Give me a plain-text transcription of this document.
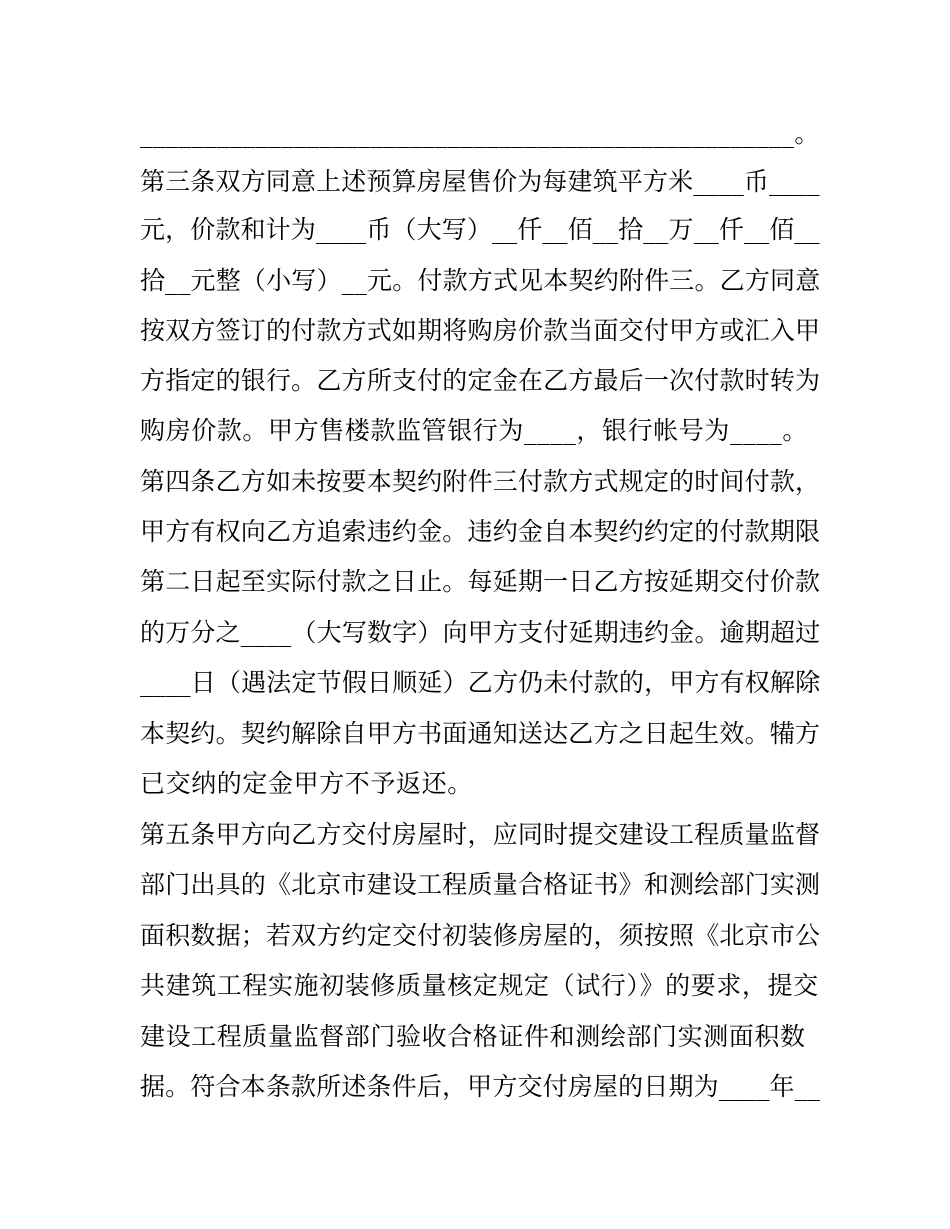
___________________________________________________。
第三条双方同意上述预算房屋售价为每建筑平方米____币____
元，价款和计为____币（大写）__仟__佰__拾__万__仟__佰__
拾__元整（小写）__元。付款方式见本契约附件三。乙方同意
按双方签订的付款方式如期将购房价款当面交付甲方或汇入甲
方指定的银行。乙方所支付的定金在乙方最后一次付款时转为
购房价款。甲方售楼款监管银行为____，银行帐号为____。
第四条乙方如未按要本契约附件三付款方式规定的时间付款，
甲方有权向乙方追索违约金。违约金自本契约约定的付款期限
第二日起至实际付款之日止。每延期一日乙方按延期交付价款
的万分之____（大写数字）向甲方支付延期违约金。逾期超过
____日（遇法定节假日顺延）乙方仍未付款的，甲方有权解除
本契约。契约解除自甲方书面通知送达乙方之日起生效。犕方
已交纳的定金甲方不予返还。
第五条甲方向乙方交付房屋时，应同时提交建设工程质量监督
部门出具的《北京市建设工程质量合格证书》和测绘部门实测
面积数据；若双方约定交付初装修房屋的，须按照《北京市公
共建筑工程实施初装修质量核定规定（试行）》的要求，提交
建设工程质量监督部门验收合格证件和测绘部门实测面积数
据。符合本条款所述条件后，甲方交付房屋的日期为____年__
